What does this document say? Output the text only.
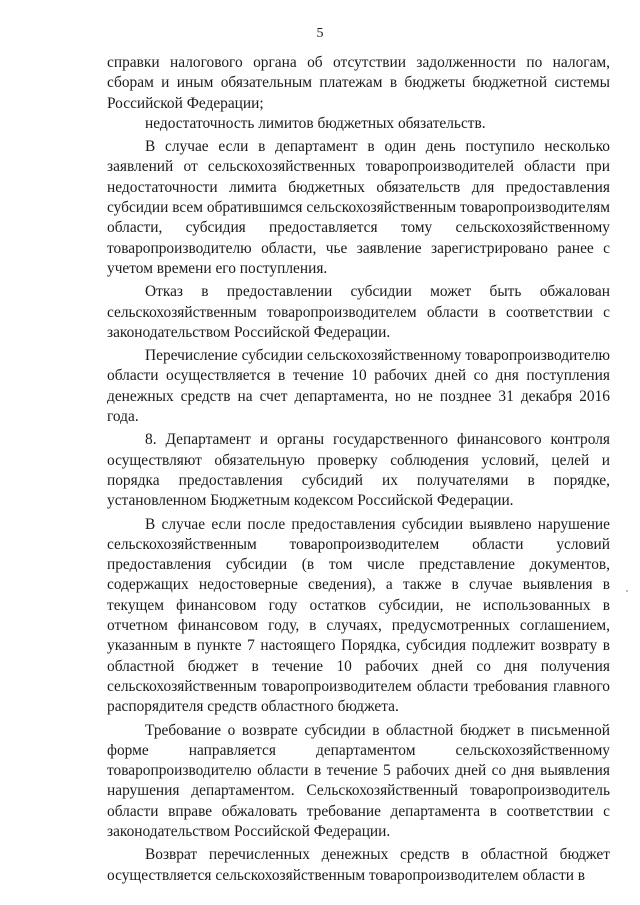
5

справки налогового органа об отсутствии задолженности по налогам, сборам и иным обязательным платежам в бюджеты бюджетной системы Российской Федерации;

недостаточность лимитов бюджетных обязательств.

В случае если в департамент в один день поступило несколько заявлений от сельскохозяйственных товаропроизводителей области при недостаточности лимита бюджетных обязательств для предоставления субсидии всем обратившимся сельскохозяйственным товаропроизводителям области, субсидия предоставляется тому сельскохозяйственному товаропроизводителю области, чье заявление зарегистрировано ранее с учетом времени его поступления.

Отказ в предоставлении субсидии может быть обжалован сельскохозяйственным товаропроизводителем области в соответствии с законодательством Российской Федерации.

Перечисление субсидии сельскохозяйственному товаропроизводителю области осуществляется в течение 10 рабочих дней со дня поступления денежных средств на счет департамента, но не позднее 31 декабря 2016 года.

8. Департамент и органы государственного финансового контроля осуществляют обязательную проверку соблюдения условий, целей и порядка предоставления субсидий их получателями в порядке, установленном Бюджетным кодексом Российской Федерации.

В случае если после предоставления субсидии выявлено нарушение сельскохозяйственным товаропроизводителем области условий предоставления субсидии (в том числе представление документов, содержащих недостоверные сведения), а также в случае выявления в текущем финансовом году остатков субсидии, не использованных в отчетном финансовом году, в случаях, предусмотренных соглашением, указанным в пункте 7 настоящего Порядка, субсидия подлежит возврату в областной бюджет в течение 10 рабочих дней со дня получения сельскохозяйственным товаропроизводителем области требования главного распорядителя средств областного бюджета.

Требование о возврате субсидии в областной бюджет в письменной форме направляется департаментом сельскохозяйственному товаропроизводителю области в течение 5 рабочих дней со дня выявления нарушения департаментом. Сельскохозяйственный товаропроизводитель области вправе обжаловать требование департамента в соответствии с законодательством Российской Федерации.

Возврат перечисленных денежных средств в областной бюджет осуществляется сельскохозяйственным товаропроизводителем области в
